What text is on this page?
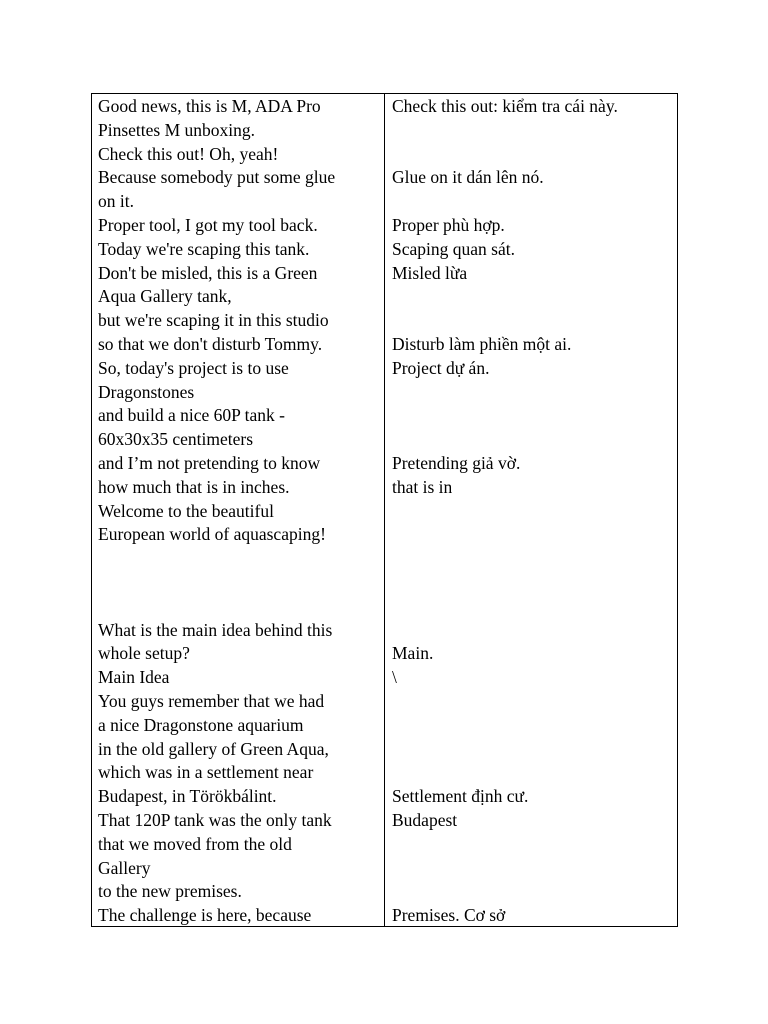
Good news, this is M, ADA Pro
Pinsettes M unboxing.
Check this out! Oh, yeah!
Because somebody put some glue
on it.
Proper tool, I got my tool back.
Today we're scaping this tank.
Don't be misled, this is a Green
Aqua Gallery tank,
but we're scaping it in this studio
so that we don't disturb Tommy.
So, today's project is to use
Dragonstones
and build a nice 60P tank -
60x30x35 centimeters
and I’m not pretending to know
how much that is in inches.
Welcome to the beautiful
European world of aquascaping!
What is the main idea behind this
whole setup?
Main Idea
You guys remember that we had
a nice Dragonstone aquarium
in the old gallery of Green Aqua,
which was in a settlement near
Budapest, in Törökbálint.
That 120P tank was the only tank
that we moved from the old
Gallery
to the new premises.
The challenge is here, because
Check this out: kiểm tra cái này.
Glue on it dán lên nó.
Proper phù hợp.
Scaping quan sát.
Misled lừa
Disturb làm phiền một ai.
Project dự án.
Pretending giả vờ.
that is in
Main.
\
Settlement định cư.
Budapest
Premises. Cơ sở
